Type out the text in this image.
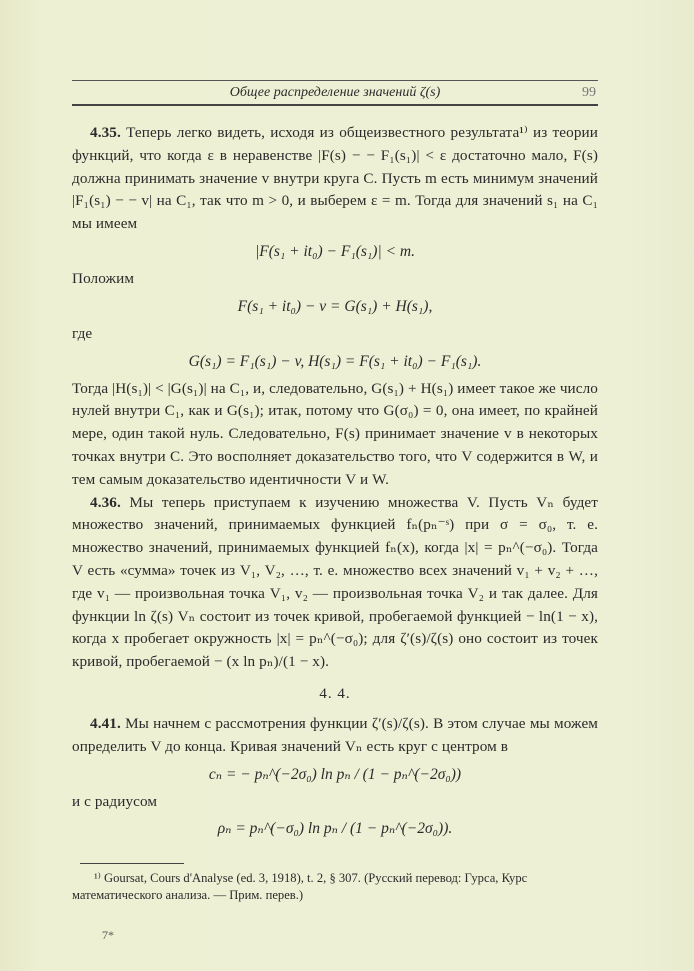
Общее распределение значений ζ(s)	99

4.35. Теперь легко видеть, исходя из общеизвестного результата¹⁾ из теории функций, что когда ε в неравенстве |F(s) − − F₁(s₁)| < ε достаточно мало, F(s) должна принимать значение v внутри круга C. Пусть m есть минимум значений |F₁(s₁) − − v| на C₁, так что m > 0, и выберем ε = m. Тогда для значений s₁ на C₁ мы имеем

|F(s₁ + it₀) − F₁(s₁)| < m.

Положим

F(s₁ + it₀) − v = G(s₁) + H(s₁),

где

G(s₁) = F₁(s₁) − v, H(s₁) = F(s₁ + it₀) − F₁(s₁).

Тогда |H(s₁)| < |G(s₁)| на C₁, и, следовательно, G(s₁) + H(s₁) имеет такое же число нулей внутри C₁, как и G(s₁); итак, потому что G(σ₀) = 0, она имеет, по крайней мере, один такой нуль. Следовательно, F(s) принимает значение v в некоторых точках внутри C. Это восполняет доказательство того, что V содержится в W, и тем самым доказательство идентичности V и W.

4.36. Мы теперь приступаем к изучению множества V. Пусть Vₙ будет множество значений, принимаемых функцией fₙ(pₙ⁻ˢ) при σ = σ₀, т. е. множество значений, принимаемых функцией fₙ(x), когда |x| = pₙ^(−σ₀). Тогда V есть «сумма» точек из V₁, V₂, …, т. е. множество всех значений v₁ + v₂ + …, где v₁ — произвольная точка V₁, v₂ — произвольная точка V₂ и так далее. Для функции ln ζ(s) Vₙ состоит из точек кривой, пробегаемой функцией − ln(1 − x), когда x пробегает окружность |x| = pₙ^(−σ₀); для ζ′(s)/ζ(s) оно состоит из точек кривой, пробегаемой − (x ln pₙ)/(1 − x).

4. 4.

4.41. Мы начнем с рассмотрения функции ζ′(s)/ζ(s). В этом случае мы можем определить V до конца. Кривая значений Vₙ есть круг с центром в

cₙ = − pₙ^(−2σ₀) ln pₙ / (1 − pₙ^(−2σ₀))

и с радиусом

ρₙ = pₙ^(−σ₀) ln pₙ / (1 − pₙ^(−2σ₀)).

¹⁾ Goursat, Cours d'Analyse (ed. 3, 1918), t. 2, § 307. (Русский перевод: Гурса, Курс математического анализа. — Прим. перев.)

7*
